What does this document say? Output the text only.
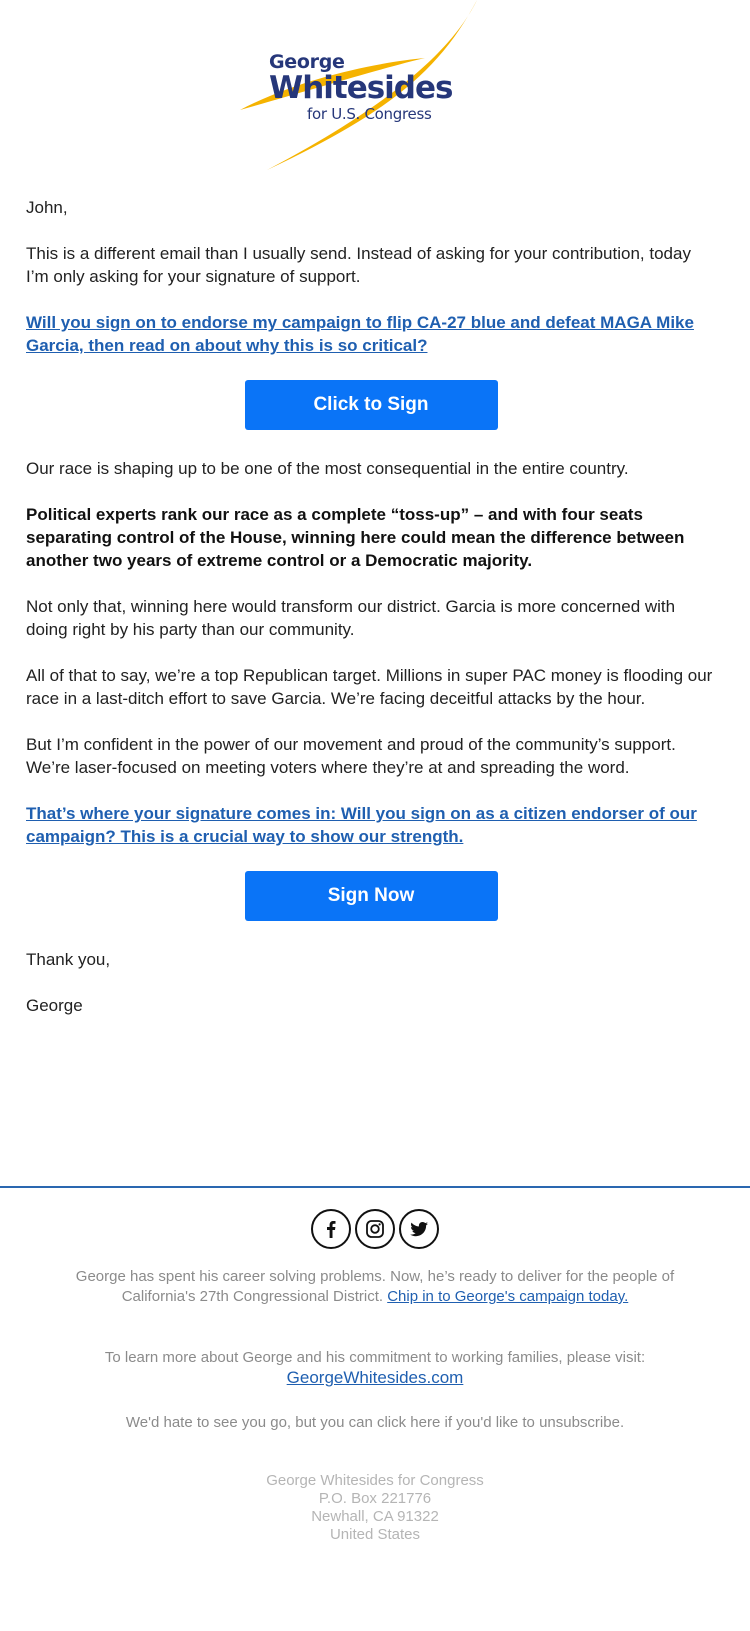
George
Whitesides
for U.S. Congress

John,

This is a different email than I usually send. Instead of asking for your contribution, today I’m only asking for your signature of support.

Will you sign on to endorse my campaign to flip CA-27 blue and defeat MAGA Mike Garcia, then read on about why this is so critical?

Click to Sign

Our race is shaping up to be one of the most consequential in the entire country.

Political experts rank our race as a complete “toss-up” – and with four seats separating control of the House, winning here could mean the difference between another two years of extreme control or a Democratic majority.

Not only that, winning here would transform our district. Garcia is more concerned with doing right by his party than our community.

All of that to say, we’re a top Republican target. Millions in super PAC money is flooding our race in a last-ditch effort to save Garcia. We’re facing deceitful attacks by the hour.

But I’m confident in the power of our movement and proud of the community’s support. We’re laser-focused on meeting voters where they’re at and spreading the word.

That’s where your signature comes in: Will you sign on as a citizen endorser of our campaign? This is a crucial way to show our strength.

Sign Now

Thank you,

George

George has spent his career solving problems. Now, he’s ready to deliver for the people of California's 27th Congressional District. Chip in to George's campaign today.
To learn more about George and his commitment to working families, please visit:
GeorgeWhitesides.com
We'd hate to see you go, but you can click here if you'd like to unsubscribe.
George Whitesides for Congress
P.O. Box 221776
Newhall, CA 91322
United States
